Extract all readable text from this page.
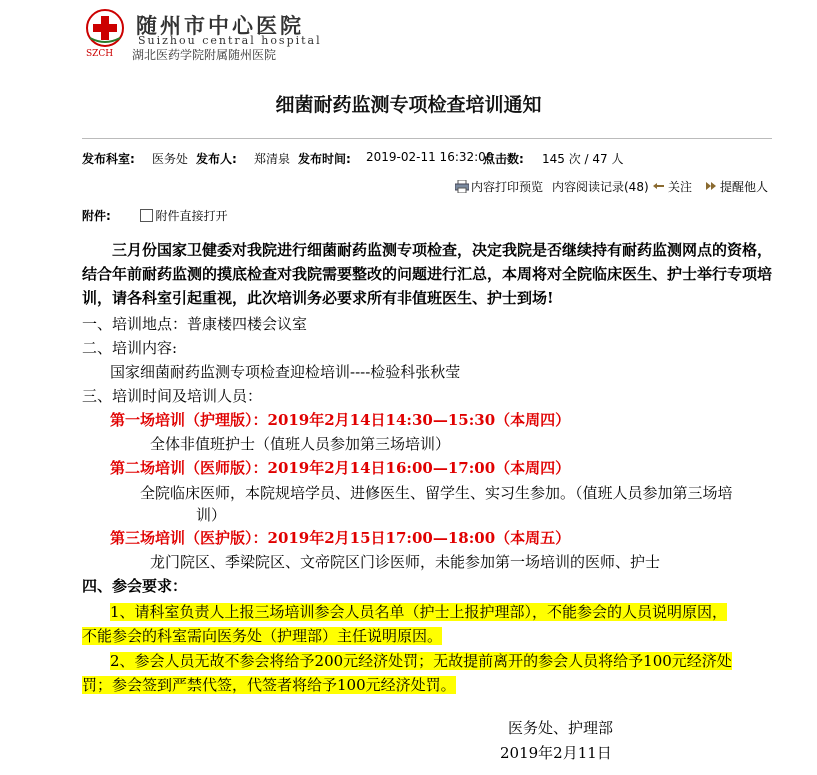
SZCH
随州市中心医院
Suizhou central hospital
湖北医药学院附属随州医院
细菌耐药监测专项检查培训通知
发布科室: 医务处 发布人: 郑清泉 发布时间: 2019-02-11 16:32:00
点击数: 145 次 / 47 人
内容打印预览 内容阅读记录(48)	关注	提醒他人
附件:	附件直接打开
三月份国家卫健委对我院进行细菌耐药监测专项检查，决定我院是否继续持有耐药监测网点的资格，结合年前耐药监测的摸底检查对我院需要整改的问题进行汇总，本周将对全院临床医生、护士举行专项培训，请各科室引起重视，此次培训务必要求所有非值班医生、护士到场!
一、培训地点：普康楼四楼会议室
二、培训内容:
国家细菌耐药监测专项检查迎检培训----检验科张秋莹
三、培训时间及培训人员：
第一场培训（护理版）：2019年2月14日14:30—15:30（本周四）
全体非值班护士（值班人员参加第三场培训）
第二场培训（医师版）：2019年2月14日16:00—17:00（本周四）
全院临床医师，本院规培学员、进修医生、留学生、实习生参加。（值班人员参加第三场培
训）
第三场培训（医护版）：2019年2月15日17:00—18:00（本周五）
龙门院区、季梁院区、文帝院区门诊医师，未能参加第一场培训的医师、护士
四、参会要求：
1、请科室负责人上报三场培训参会人员名单（护士上报护理部），不能参会的人员说明原因，
不能参会的科室需向医务处（护理部）主任说明原因。
2、参会人员无故不参会将给予200元经济处罚；无故提前离开的参会人员将给予100元经济处
罚；参会签到严禁代签，代签者将给予100元经济处罚。
医务处、护理部
2019年2月11日
